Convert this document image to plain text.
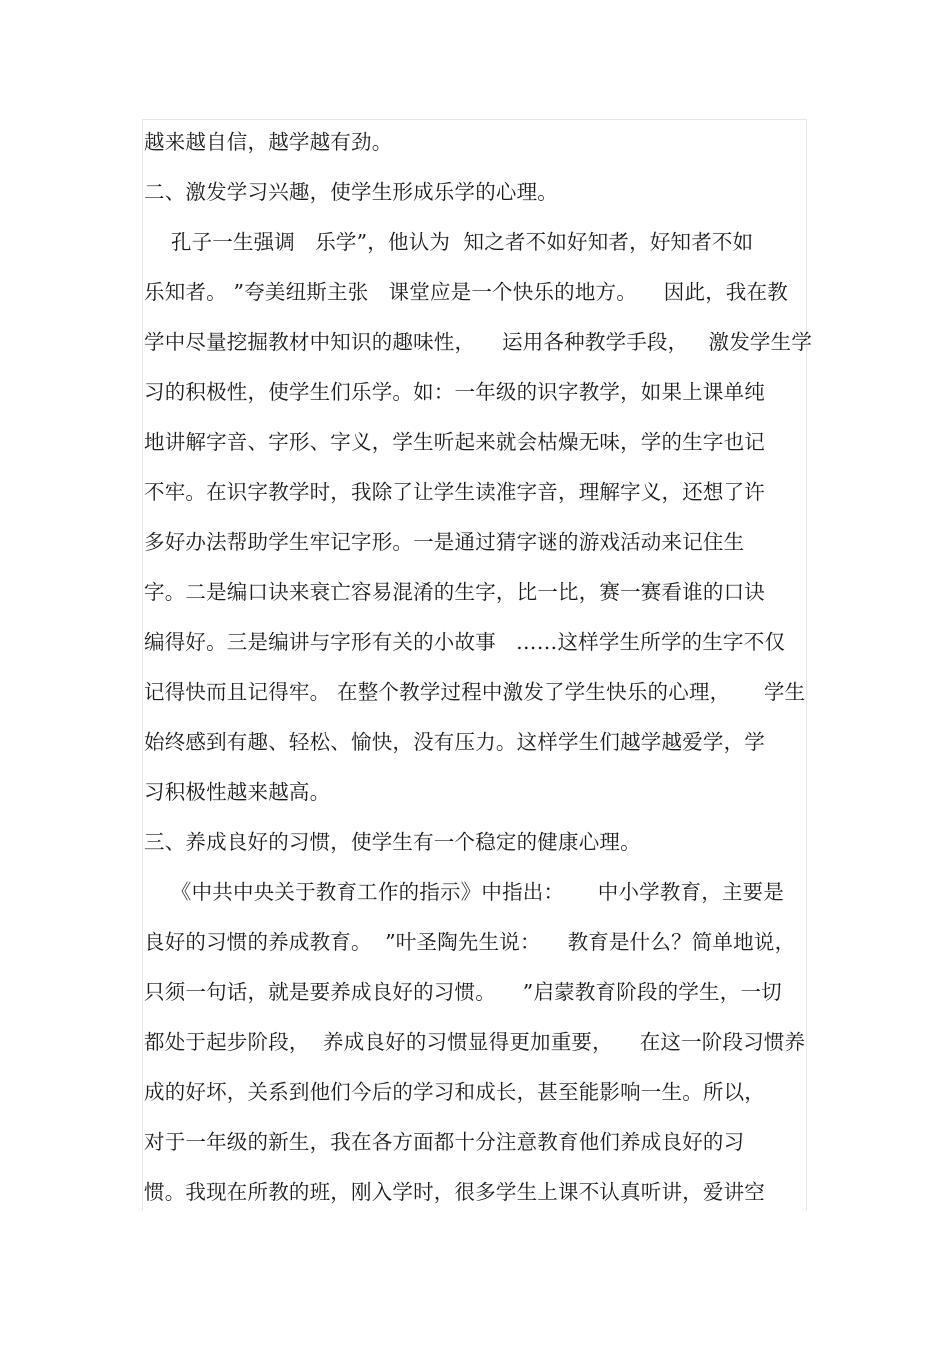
越来越自信，越学越有劲。
二、激发学习兴趣，使学生形成乐学的心理。
孔子一生强调   乐学”，他认为  知之者不如好知者，好知者不如
乐知者。 ”夸美纽斯主张   课堂应是一个快乐的地方。    因此，我在教
学中尽量挖掘教材中知识的趣味性，    运用各种教学手段，   激发学生学
习的积极性，使学生们乐学。如：一年级的识字教学，如果上课单纯
地讲解字音、字形、字义，学生听起来就会枯燥无味，学的生字也记
不牢。在识字教学时，我除了让学生读准字音，理解字义，还想了许
多好办法帮助学生牢记字形。一是通过猜字谜的游戏活动来记住生
字。二是编口诀来衰亡容易混淆的生字，比一比，赛一赛看谁的口诀
编得好。三是编讲与字形有关的小故事   ……这样学生所学的生字不仅
记得快而且记得牢。 在整个教学过程中激发了学生快乐的心理，     学生
始终感到有趣、轻松、愉快，没有压力。这样学生们越学越爱学，学
习积极性越来越高。
三、养成良好的习惯，使学生有一个稳定的健康心理。
《中共中央关于教育工作的指示》中指出：     中小学教育，主要是
良好的习惯的养成教育。  ”叶圣陶先生说：    教育是什么？简单地说，
只须一句话，就是要养成良好的习惯。    ”启蒙教育阶段的学生，一切
都处于起步阶段，  养成良好的习惯显得更加重要，    在这一阶段习惯养
成的好坏，关系到他们今后的学习和成长，甚至能影响一生。所以，
对于一年级的新生，我在各方面都十分注意教育他们养成良好的习
惯。我现在所教的班，刚入学时，很多学生上课不认真听讲，爱讲空
